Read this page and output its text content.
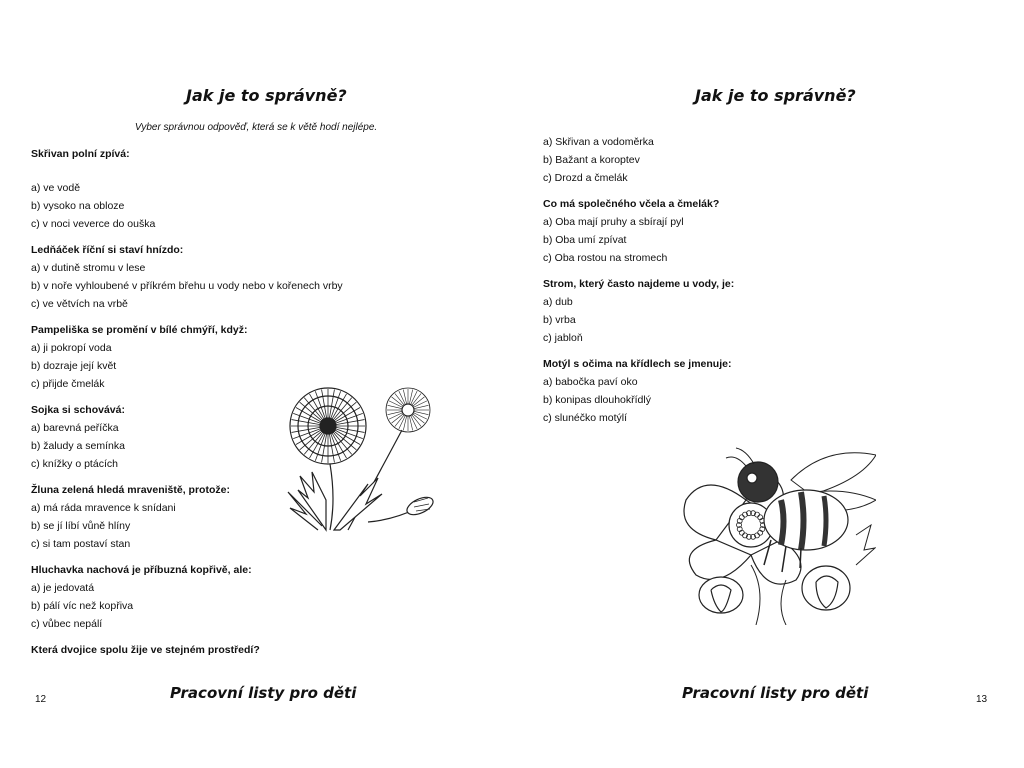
Jak je to správně?
Vyber správnou odpověď, která se k větě hodí nejlépe.
Skřivan polní zpívá:
a) ve vodě
b) vysoko na obloze
c) v noci veverce do ouška
Ledňáček říční si staví hnízdo:
a) v dutině stromu v lese
b) v noře vyhloubené v příkrém břehu u vody nebo v kořenech vrby
c) ve větvích na vrbě
Pampeliška se promění v bílé chmýří, když:
a) ji pokropí voda
b) dozraje její květ
c) přijde čmelák
Sojka si schovává:
a) barevná peříčka
b) žaludy a semínka
c) knížky o ptácích
Žluna zelená hledá mraveniště, protože:
a) má ráda mravence k snídani
b) se jí líbí vůně hlíny
c) si tam postaví stan
Hluchavka nachová je příbuzná kopřivě, ale:
a) je jedovatá
b) pálí víc než kopřiva
c) vůbec nepálí
Která dvojice spolu žije ve stejném prostředí?
Pracovní listy pro děti
12
Jak je to správně?
a) Skřivan a vodoměrka
b) Bažant a koroptev
c) Drozd a čmelák
Co má společného včela a čmelák?
a) Oba mají pruhy a sbírají pyl
b) Oba umí zpívat
c) Oba rostou na stromech
Strom, který často najdeme u vody, je:
a) dub
b) vrba
c) jabloň
Motýl s očima na křídlech se jmenuje:
a) babočka paví oko
b) konipas dlouhokřídlý
c) slunéčko motýlí
Pracovní listy pro děti	13
